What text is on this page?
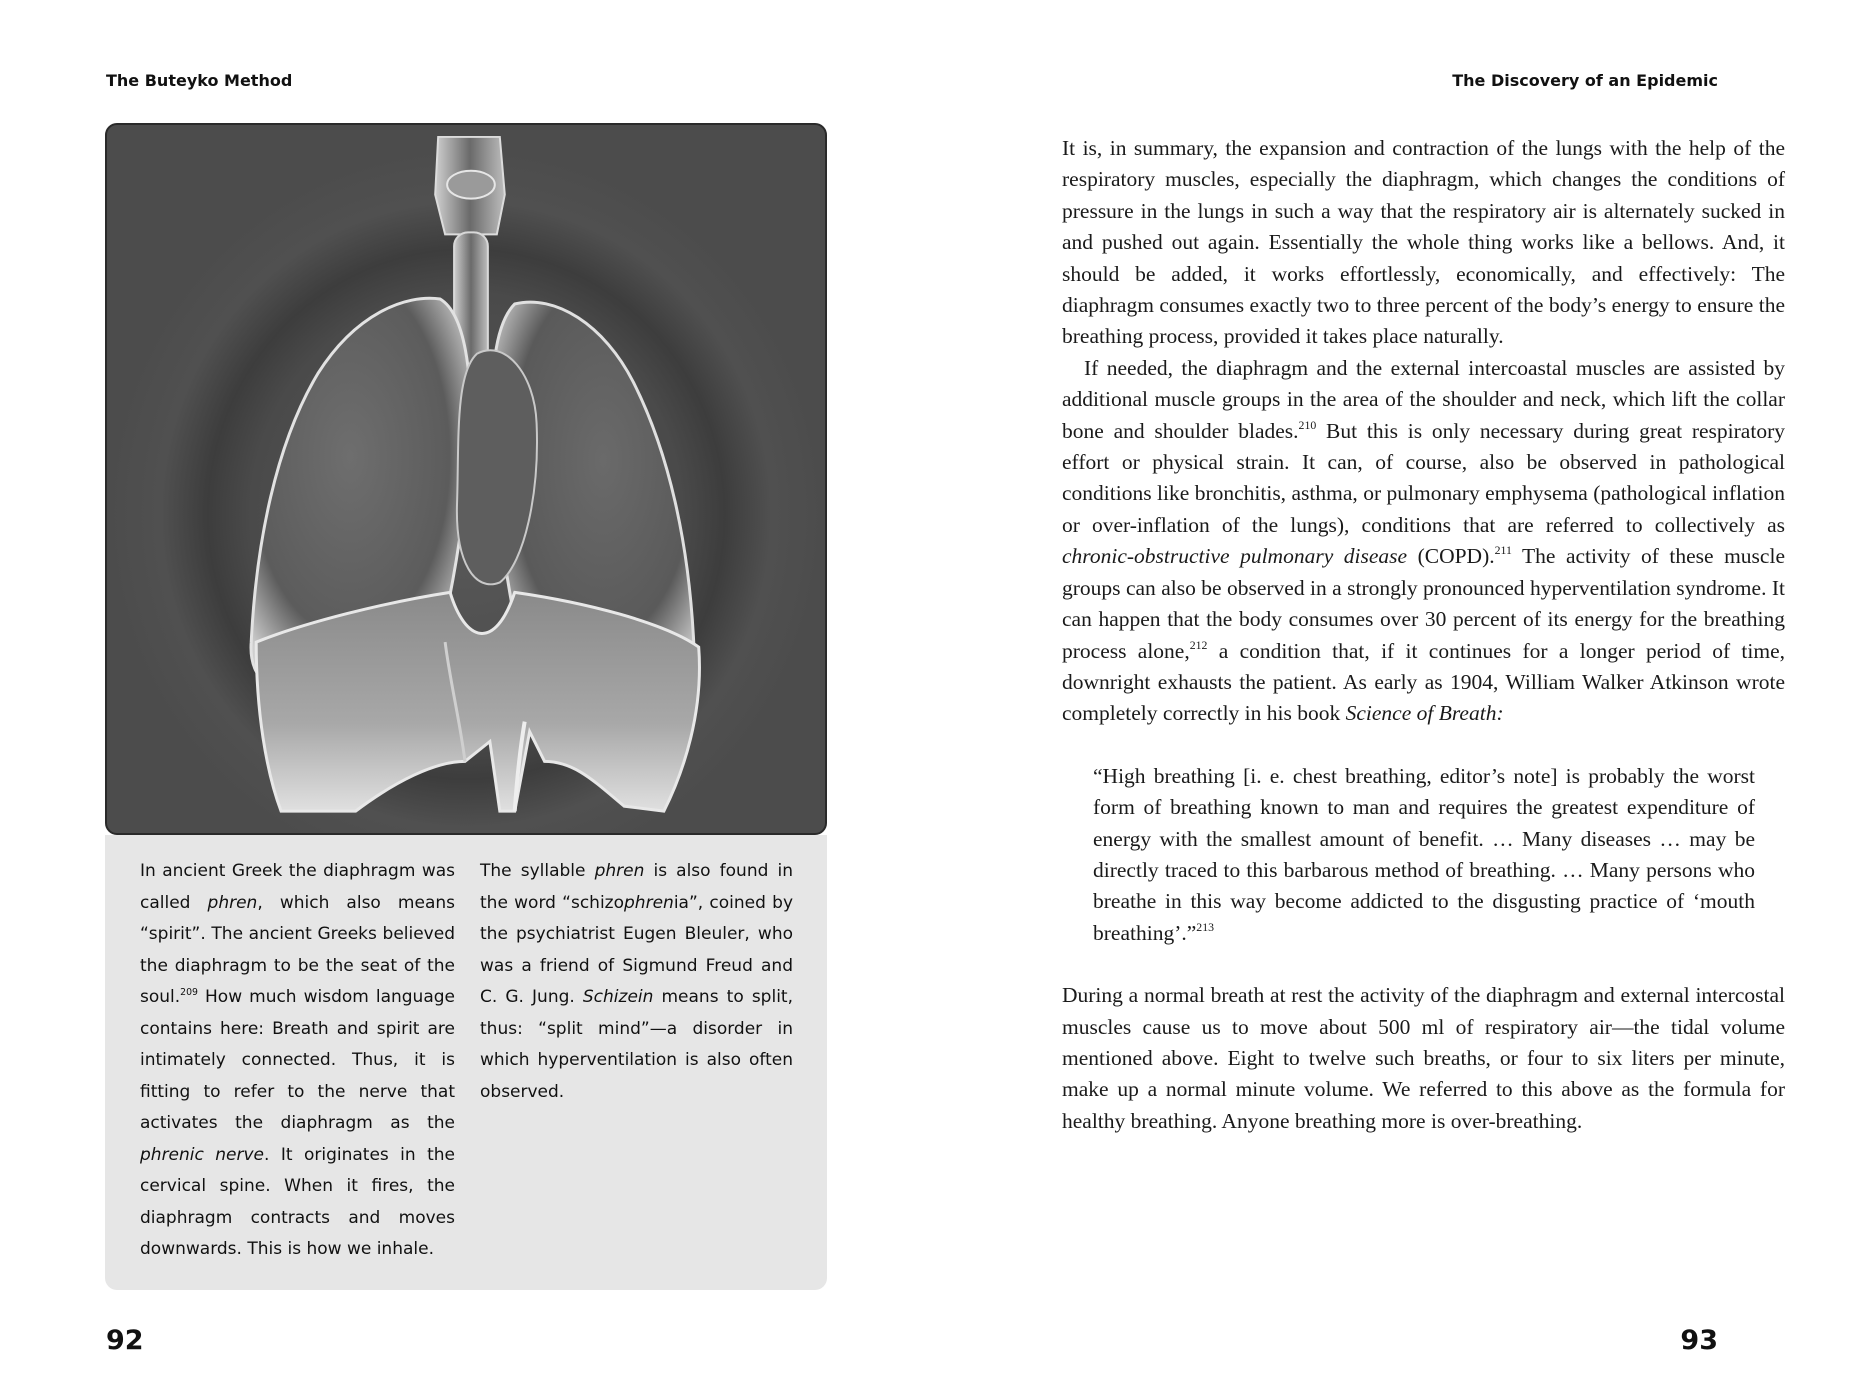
The Buteyko Method

In ancient Greek the diaphragm was called phren, which also means “spirit”. The ancient Greeks believed the diaphragm to be the seat of the soul.$^{209}$ How much wisdom language contains here: Breath and spirit are intimately connected. Thus, it is fitting to refer to the nerve that activates the diaphragm as the phrenic nerve. It originates in the cervical spine. When it fires, the diaphragm contracts and moves downwards. This is how we inhale.

The syllable phren is also found in the word “schizophrenia”, coined by the psychiatrist Eugen Bleuler, who was a friend of Sigmund Freud and C. G. Jung. Schizein means to split, thus: “split mind”—a disorder in which hyperventilation is also often observed.

92
The Discovery of an Epidemic

It is, in summary, the expansion and contraction of the lungs with the help of the respiratory muscles, especially the diaphragm, which changes the conditions of pressure in the lungs in such a way that the respiratory air is alternately sucked in and pushed out again. Essentially the whole thing works like a bellows. And, it should be added, it works effortlessly, economically, and effectively: The diaphragm consumes exactly two to three percent of the body’s energy to ensure the breathing process, provided it takes place naturally.

If needed, the diaphragm and the external intercoastal muscles are assisted by additional muscle groups in the area of the shoulder and neck, which lift the collar bone and shoulder blades.$^{210}$ But this is only necessary during great respiratory effort or physical strain. It can, of course, also be observed in pathological conditions like bronchitis, asthma, or pulmonary emphysema (pathological inflation or over-inflation of the lungs), conditions that are referred to collectively as chronic-obstructive pulmonary disease (COPD).$^{211}$ The activity of these muscle groups can also be observed in a strongly pronounced hyperventilation syndrome. It can happen that the body consumes over 30 percent of its energy for the breathing process alone,$^{212}$ a condition that, if it continues for a longer period of time, downright exhausts the patient. As early as 1904, William Walker Atkinson wrote completely correctly in his book Science of Breath:

“High breathing [i. e. chest breathing, editor’s note] is probably the worst form of breathing known to man and requires the greatest expenditure of energy with the smallest amount of benefit. … Many diseases … may be directly traced to this barbarous method of breathing. … Many persons who breathe in this way become addicted to the disgusting practice of ‘mouth breathing’.”$^{213}$

During a normal breath at rest the activity of the diaphragm and external intercostal muscles cause us to move about 500 ml of respiratory air—the tidal volume mentioned above. Eight to twelve such breaths, or four to six liters per minute, make up a normal minute volume. We referred to this above as the formula for healthy breathing. Anyone breathing more is over-breathing.

93
